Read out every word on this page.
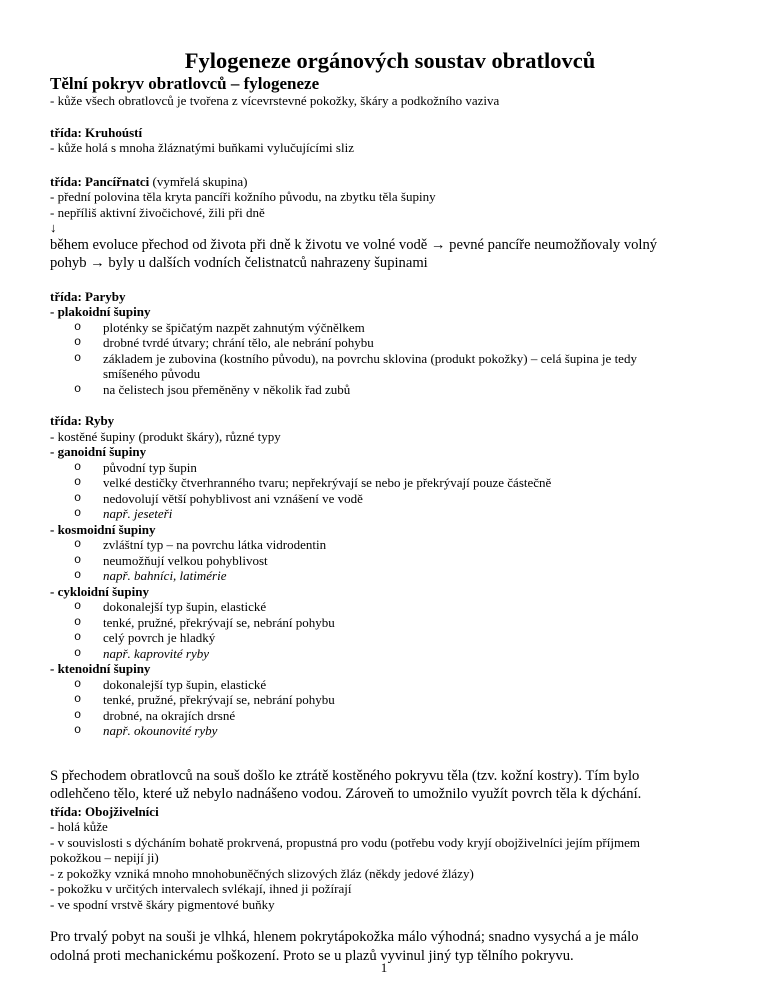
Fylogeneze orgánových soustav obratlovců
Tělní pokryv obratlovců – fylogeneze
- kůže všech obratlovců je tvořena z vícevrstevné pokožky, škáry a podkožního vaziva
třída: Kruhoústí
- kůže holá s mnoha žláznatými buňkami vylučujícími sliz
třída: Pancířnatci (vymřelá skupina)
- přední polovina těla kryta pancíři kožního původu, na zbytku těla šupiny
- nepříliš aktivní živočichové, žili při dně
↓
během evoluce přechod od života při dně k životu ve volné vodě → pevné pancíře neumožňovaly volný
pohyb → byly u dalších vodních čelistnatců nahrazeny šupinami
třída: Paryby
- plakoidní šupiny
o ploténky se špičatým nazpět zahnutým výčnělkem
o drobné tvrdé útvary; chrání tělo, ale nebrání pohybu
o základem je zubovina (kostního původu), na povrchu sklovina (produkt pokožky) – celá šupina je tedy
smíšeného původu
o na čelistech jsou přeměněny v několik řad zubů
třída: Ryby
- kostěné šupiny (produkt škáry), různé typy
- ganoidní šupiny
o původní typ šupin
o velké destičky čtverhranného tvaru; nepřekrývají se nebo je překrývají pouze částečně
o nedovolují větší pohyblivost ani vznášení ve vodě
o např. jeseteři
- kosmoidní šupiny
o zvláštní typ – na povrchu látka vidrodentin
o neumožňují velkou pohyblivost
o např. bahníci, latimérie
- cykloidní šupiny
o dokonalejší typ šupin, elastické
o tenké, pružné, překrývají se, nebrání pohybu
o celý povrch je hladký
o např. kaprovité ryby
- ktenoidní šupiny
o dokonalejší typ šupin, elastické
o tenké, pružné, překrývají se, nebrání pohybu
o drobné, na okrajích drsné
o např. okounovité ryby
S přechodem obratlovců na souš došlo ke ztrátě kostěného pokryvu těla (tzv. kožní kostry). Tím bylo
odlehčeno tělo, které už nebylo nadnášeno vodou. Zároveň to umožnilo využít povrch těla k dýchání.
třída: Obojživelníci
- holá kůže
- v souvislosti s dýcháním bohatě prokrvená, propustná pro vodu (potřebu vody kryjí obojživelníci jejím příjmem
pokožkou – nepijí ji)
- z pokožky vzniká mnoho mnohobuněčných slizových žláz (někdy jedové žlázy)
- pokožku v určitých intervalech svlékají, ihned ji požírají
- ve spodní vrstvě škáry pigmentové buňky
Pro trvalý pobyt na souši je vlhká, hlenem pokrytápokožka málo výhodná; snadno vysychá a je málo
odolná proti mechanickému poškození. Proto se u plazů vyvinul jiný typ tělního pokryvu.
1
